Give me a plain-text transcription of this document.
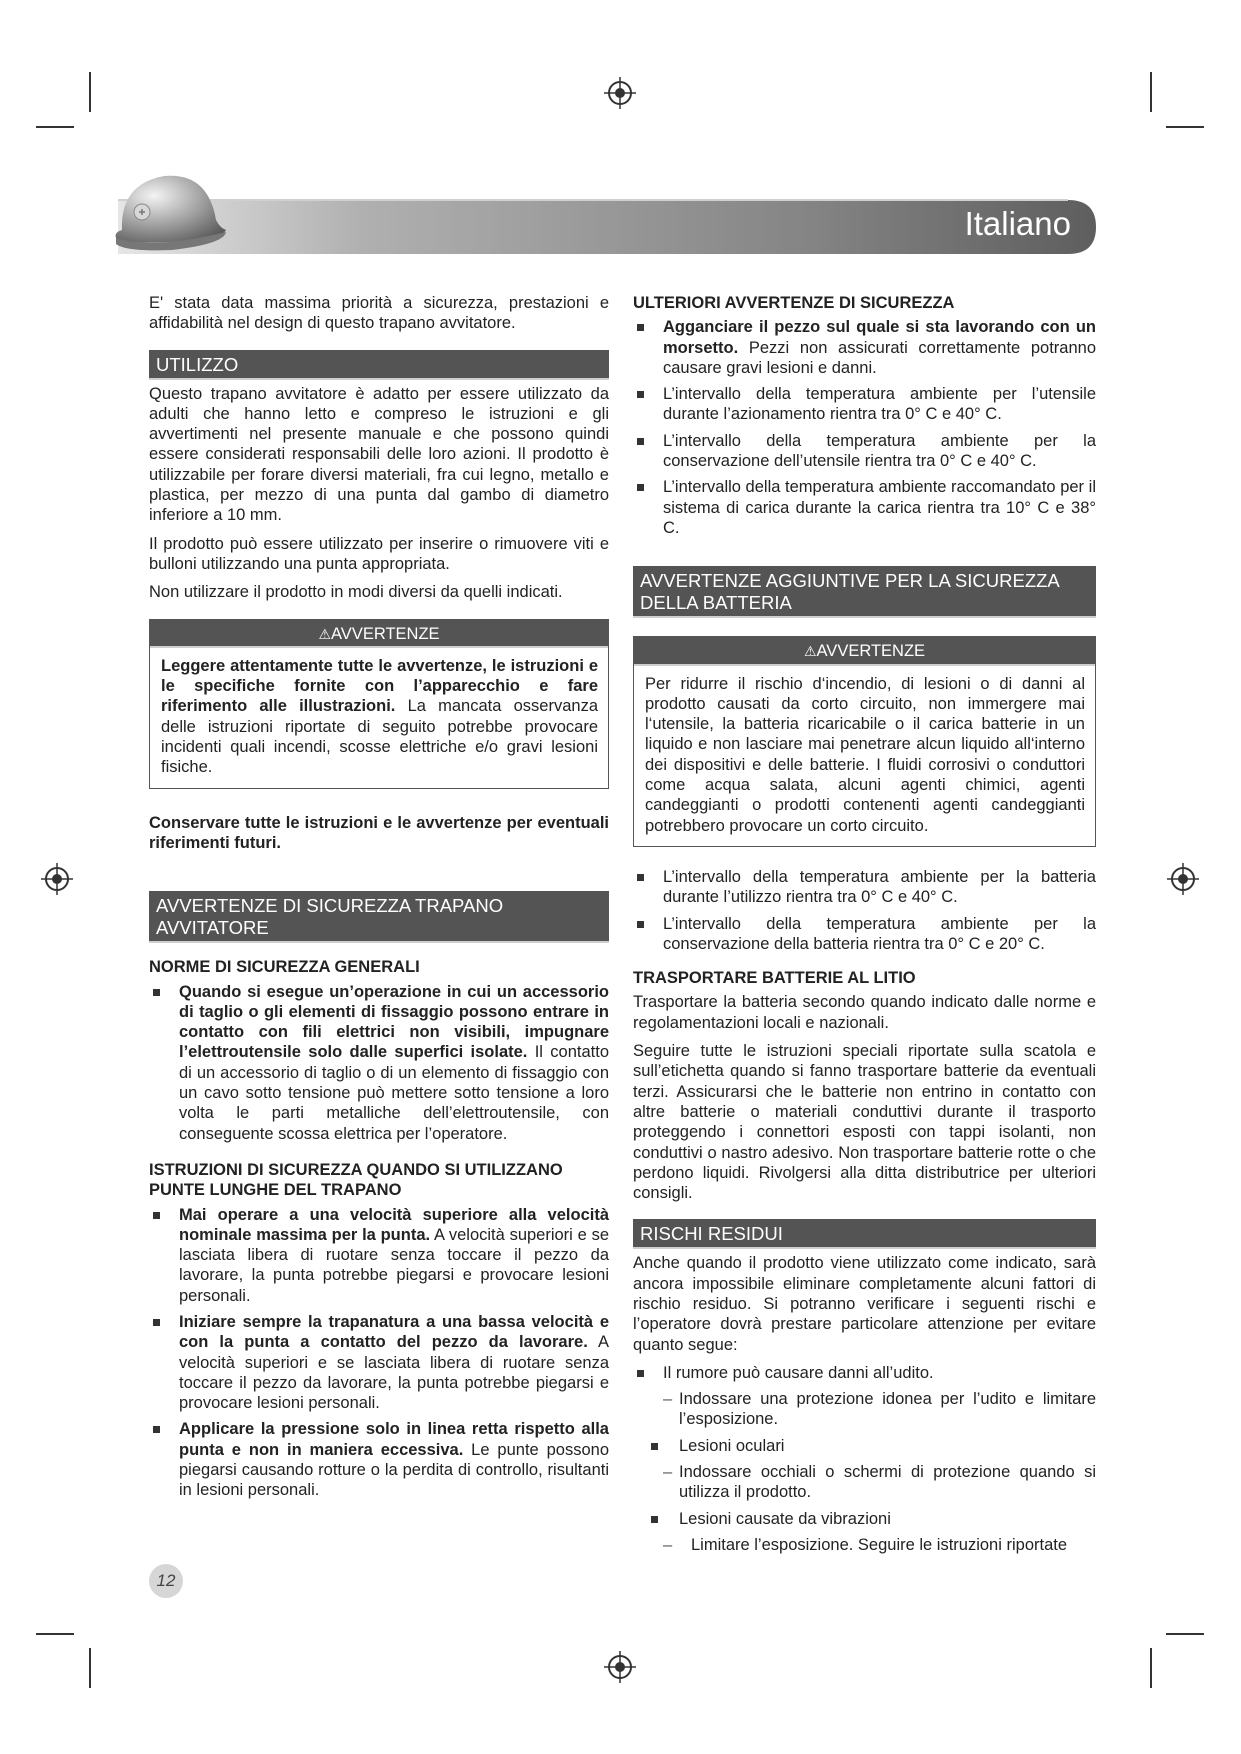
Italiano

E' stata data massima priorità a sicurezza, prestazioni e affidabilità nel design di questo trapano avvitatore.

UTILIZZO

Questo trapano avvitatore è adatto per essere utilizzato da adulti che hanno letto e compreso le istruzioni e gli avvertimenti nel presente manuale e che possono quindi essere considerati responsabili delle loro azioni. Il prodotto è utilizzabile per forare diversi materiali, fra cui legno, metallo e plastica, per mezzo di una punta dal gambo di diametro inferiore a 10 mm.

Il prodotto può essere utilizzato per inserire o rimuovere viti e bulloni utilizzando una punta appropriata.

Non utilizzare il prodotto in modi diversi da quelli indicati.

⚠AVVERTENZE

Leggere attentamente tutte le avvertenze, le istruzioni e le specifiche fornite con l’apparecchio e fare riferimento alle illustrazioni. La mancata osservanza delle istruzioni riportate di seguito potrebbe provocare incidenti quali incendi, scosse elettriche e/o gravi lesioni fisiche.

Conservare tutte le istruzioni e le avvertenze per eventuali riferimenti futuri.

AVVERTENZE DI SICUREZZA TRAPANO AVVITATORE
NORME DI SICUREZZA GENERALI
Quando si esegue un’operazione in cui un accessorio di taglio o gli elementi di fissaggio possono entrare in contatto con fili elettrici non visibili, impugnare l’elettroutensile solo dalle superfici isolate. Il contatto di un accessorio di taglio o di un elemento di fissaggio con un cavo sotto tensione può mettere sotto tensione a loro volta le parti metalliche dell’elettroutensile, con conseguente scossa elettrica per l’operatore.
ISTRUZIONI DI SICUREZZA QUANDO SI UTILIZZANO PUNTE LUNGHE DEL TRAPANO
Mai operare a una velocità superiore alla velocità nominale massima per la punta. A velocità superiori e se lasciata libera di ruotare senza toccare il pezzo da lavorare, la punta potrebbe piegarsi e provocare lesioni personali.
Iniziare sempre la trapanatura a una bassa velocità e con la punta a contatto del pezzo da lavorare. A velocità superiori e se lasciata libera di ruotare senza toccare il pezzo da lavorare, la punta potrebbe piegarsi e provocare lesioni personali.
Applicare la pressione solo in linea retta rispetto alla punta e non in maniera eccessiva. Le punte possono piegarsi causando rotture o la perdita di controllo, risultanti in lesioni personali.
ULTERIORI AVVERTENZE DI SICUREZZA
Agganciare il pezzo sul quale si sta lavorando con un morsetto. Pezzi non assicurati correttamente potranno causare gravi lesioni e danni.
L’intervallo della temperatura ambiente per l’utensile durante l’azionamento rientra tra 0° C e 40° C.
L’intervallo della temperatura ambiente per la conservazione dell’utensile rientra tra 0° C e 40° C.
L’intervallo della temperatura ambiente raccomandato per il sistema di carica durante la carica rientra tra 10° C e 38° C.
AVVERTENZE AGGIUNTIVE PER LA SICUREZZA DELLA BATTERIA
⚠AVVERTENZE

Per ridurre il rischio d‘incendio, di lesioni o di danni al prodotto causati da corto circuito, non immergere mai l‘utensile, la batteria ricaricabile o il carica batterie in un liquido e non lasciare mai penetrare alcun liquido all‘interno dei dispositivi e delle batterie. I fluidi corrosivi o conduttori come acqua salata, alcuni agenti chimici, agenti candeggianti o prodotti contenenti agenti candeggianti potrebbero provocare un corto circuito.

L’intervallo della temperatura ambiente per la batteria durante l’utilizzo rientra tra 0° C e 40° C.
L’intervallo della temperatura ambiente per la conservazione della batteria rientra tra 0° C e 20° C.
TRASPORTARE BATTERIE AL LITIO

Trasportare la batteria secondo quando indicato dalle norme e regolamentazioni locali e nazionali.

Seguire tutte le istruzioni speciali riportate sulla scatola e sull’etichetta quando si fanno trasportare batterie da eventuali terzi. Assicurarsi che le batterie non entrino in contatto con altre batterie o materiali conduttivi durante il trasporto proteggendo i connettori esposti con tappi isolanti, non conduttivi o nastro adesivo. Non trasportare batterie rotte o che perdono liquidi. Rivolgersi alla ditta distributrice per ulteriori consigli.

RISCHI RESIDUI

Anche quando il prodotto viene utilizzato come indicato, sarà ancora impossibile eliminare completamente alcuni fattori di rischio residuo. Si potranno verificare i seguenti rischi e l’operatore dovrà prestare particolare attenzione per evitare quanto segue:

Il rumore può causare danni all’udito.
– Indossare una protezione idonea per l’udito e limitare l’esposizione.
Lesioni oculari
– Indossare occhiali o schermi di protezione quando si utilizza il prodotto.
Lesioni causate da vibrazioni
– Limitare l’esposizione. Seguire le istruzioni riportate
12
